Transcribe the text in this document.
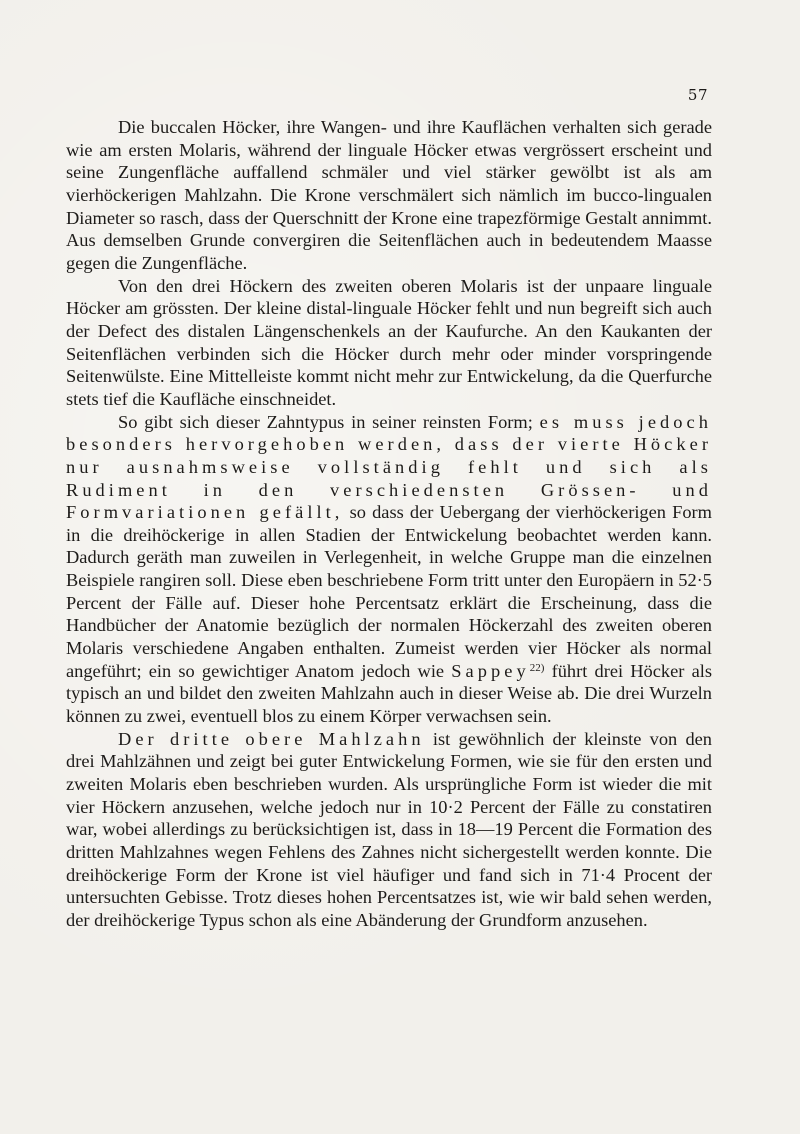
57

Die buccalen Höcker, ihre Wangen- und ihre Kauflächen verhalten sich gerade wie am ersten Molaris, während der linguale Höcker etwas vergrössert erscheint und seine Zungenfläche auffallend schmäler und viel stärker gewölbt ist als am vierhöckerigen Mahlzahn. Die Krone verschmälert sich nämlich im bucco-lingualen Diameter so rasch, dass der Querschnitt der Krone eine trapezförmige Gestalt annimmt. Aus demselben Grunde convergiren die Seitenflächen auch in bedeutendem Maasse gegen die Zungenfläche.

Von den drei Höckern des zweiten oberen Molaris ist der unpaare linguale Höcker am grössten. Der kleine distal-linguale Höcker fehlt und nun begreift sich auch der Defect des distalen Längenschenkels an der Kaufurche. An den Kaukanten der Seitenflächen verbinden sich die Höcker durch mehr oder minder vorspringende Seitenwülste. Eine Mittelleiste kommt nicht mehr zur Entwickelung, da die Querfurche stets tief die Kaufläche einschneidet.

So gibt sich dieser Zahntypus in seiner reinsten Form; es muss jedoch besonders hervorgehoben werden, dass der vierte Höcker nur ausnahmsweise vollständig fehlt und sich als Rudiment in den verschiedensten Grössen- und Formvariationen gefällt, so dass der Uebergang der vierhöckerigen Form in die dreihöckerige in allen Stadien der Entwickelung beobachtet werden kann. Dadurch geräth man zuweilen in Verlegenheit, in welche Gruppe man die einzelnen Beispiele rangiren soll. Diese eben beschriebene Form tritt unter den Europäern in 52·5 Percent der Fälle auf. Dieser hohe Percentsatz erklärt die Erscheinung, dass die Handbücher der Anatomie bezüglich der normalen Höckerzahl des zweiten oberen Molaris verschiedene Angaben enthalten. Zumeist werden vier Höcker als normal angeführt; ein so gewichtiger Anatom jedoch wie Sappey$^{22)}$ führt drei Höcker als typisch an und bildet den zweiten Mahlzahn auch in dieser Weise ab. Die drei Wurzeln können zu zwei, eventuell blos zu einem Körper verwachsen sein.

Der dritte obere Mahlzahn ist gewöhnlich der kleinste von den drei Mahlzähnen und zeigt bei guter Entwickelung Formen, wie sie für den ersten und zweiten Molaris eben beschrieben wurden. Als ursprüngliche Form ist wieder die mit vier Höckern anzusehen, welche jedoch nur in 10·2 Percent der Fälle zu constatiren war, wobei allerdings zu berücksichtigen ist, dass in 18—19 Percent die Formation des dritten Mahlzahnes wegen Fehlens des Zahnes nicht sichergestellt werden konnte. Die dreihöckerige Form der Krone ist viel häufiger und fand sich in 71·4 Procent der untersuchten Gebisse. Trotz dieses hohen Percentsatzes ist, wie wir bald sehen werden, der dreihöckerige Typus schon als eine Abänderung der Grundform anzusehen.
